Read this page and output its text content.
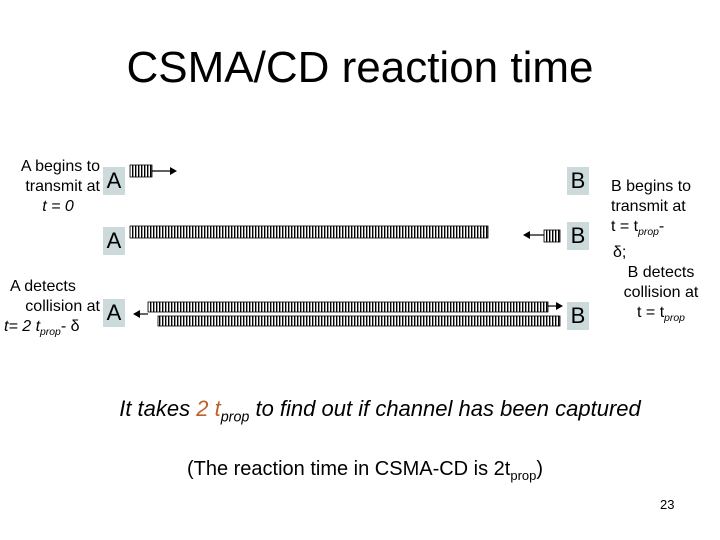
CSMA/CD reaction time
A begins to
transmit at
t = 0
A detects
collision at
t= 2 $t_{prop}-$ δ
B begins to
transmit at
$t = t_{prop}-$
δ;
B detects
collision at
$t = t_{prop}$
A	B
A	B
A	B
It takes 2 $t_{prop}$ to find out if channel has been captured
(The reaction time in CSMA-CD is $2t_{prop}$)
23
